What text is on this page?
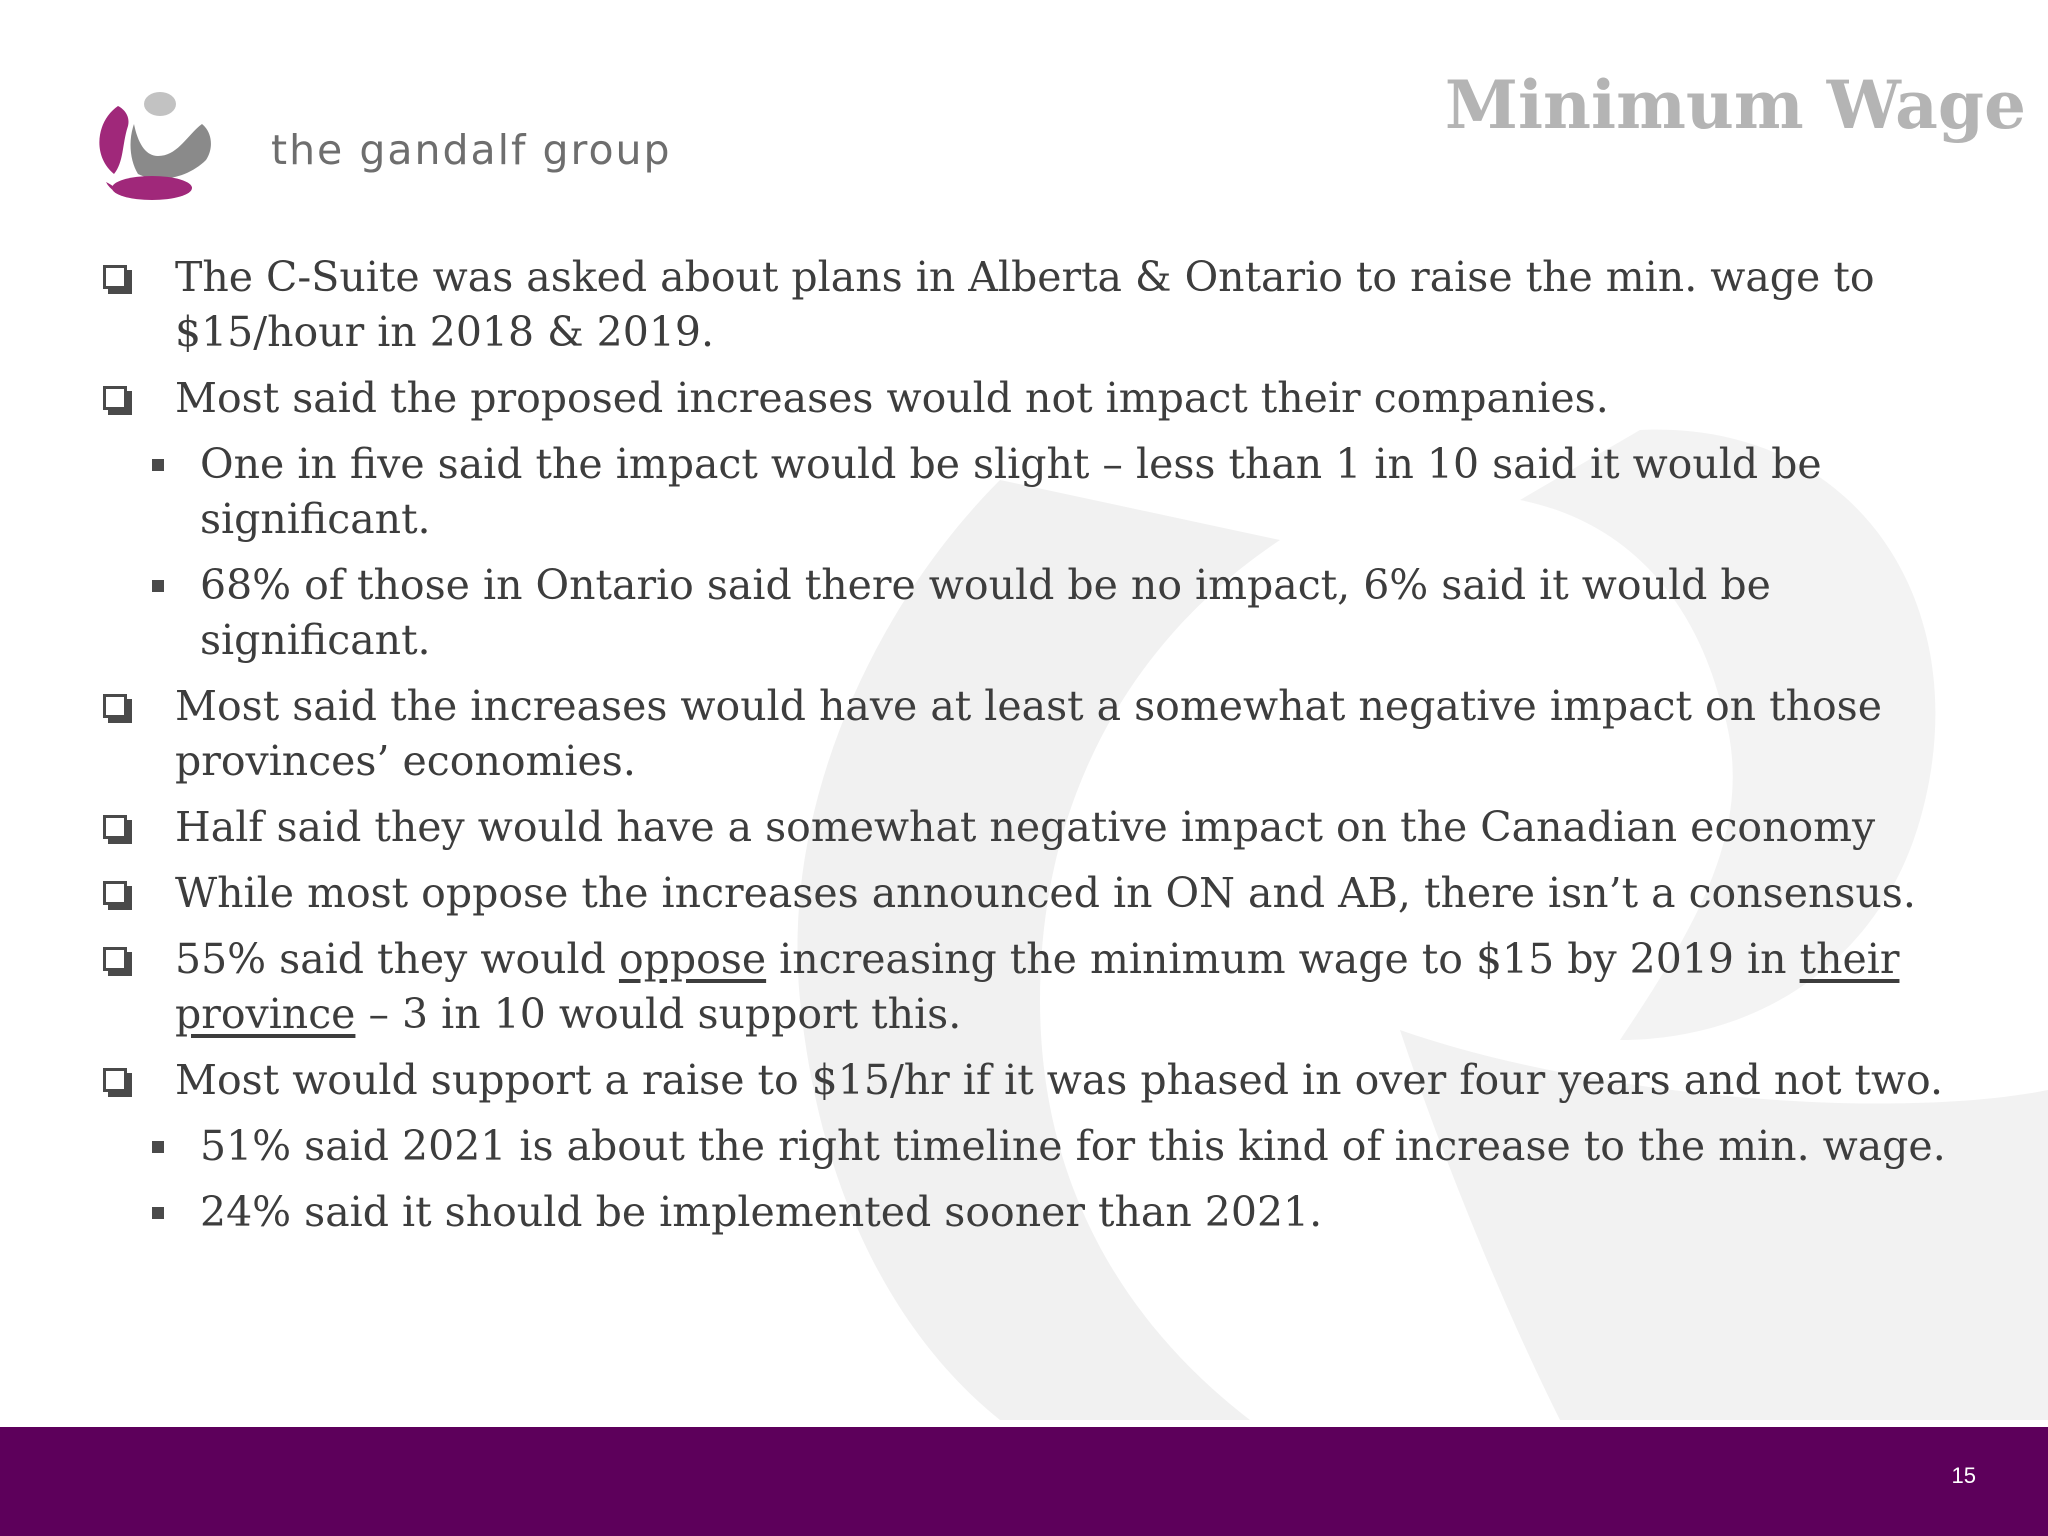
the gandalf group
Minimum Wage
The C-Suite was asked about plans in Alberta & Ontario to raise the min. wage to $15/hour in 2018 & 2019.
Most said the proposed increases would not impact their companies.
One in five said the impact would be slight – less than 1 in 10 said it would be significant.
68% of those in Ontario said there would be no impact, 6% said it would be significant.
Most said the increases would have at least a somewhat negative impact on those provinces’ economies.
Half said they would have a somewhat negative impact on the Canadian economy
While most oppose the increases announced in ON and AB, there isn’t a consensus.
55% said they would oppose increasing the minimum wage to $15 by 2019 in their province – 3 in 10 would support this.
Most would support a raise to $15/hr if it was phased in over four years and not two.
51% said 2021 is about the right timeline for this kind of increase to the min. wage.
24% said it should be implemented sooner than 2021.
15
